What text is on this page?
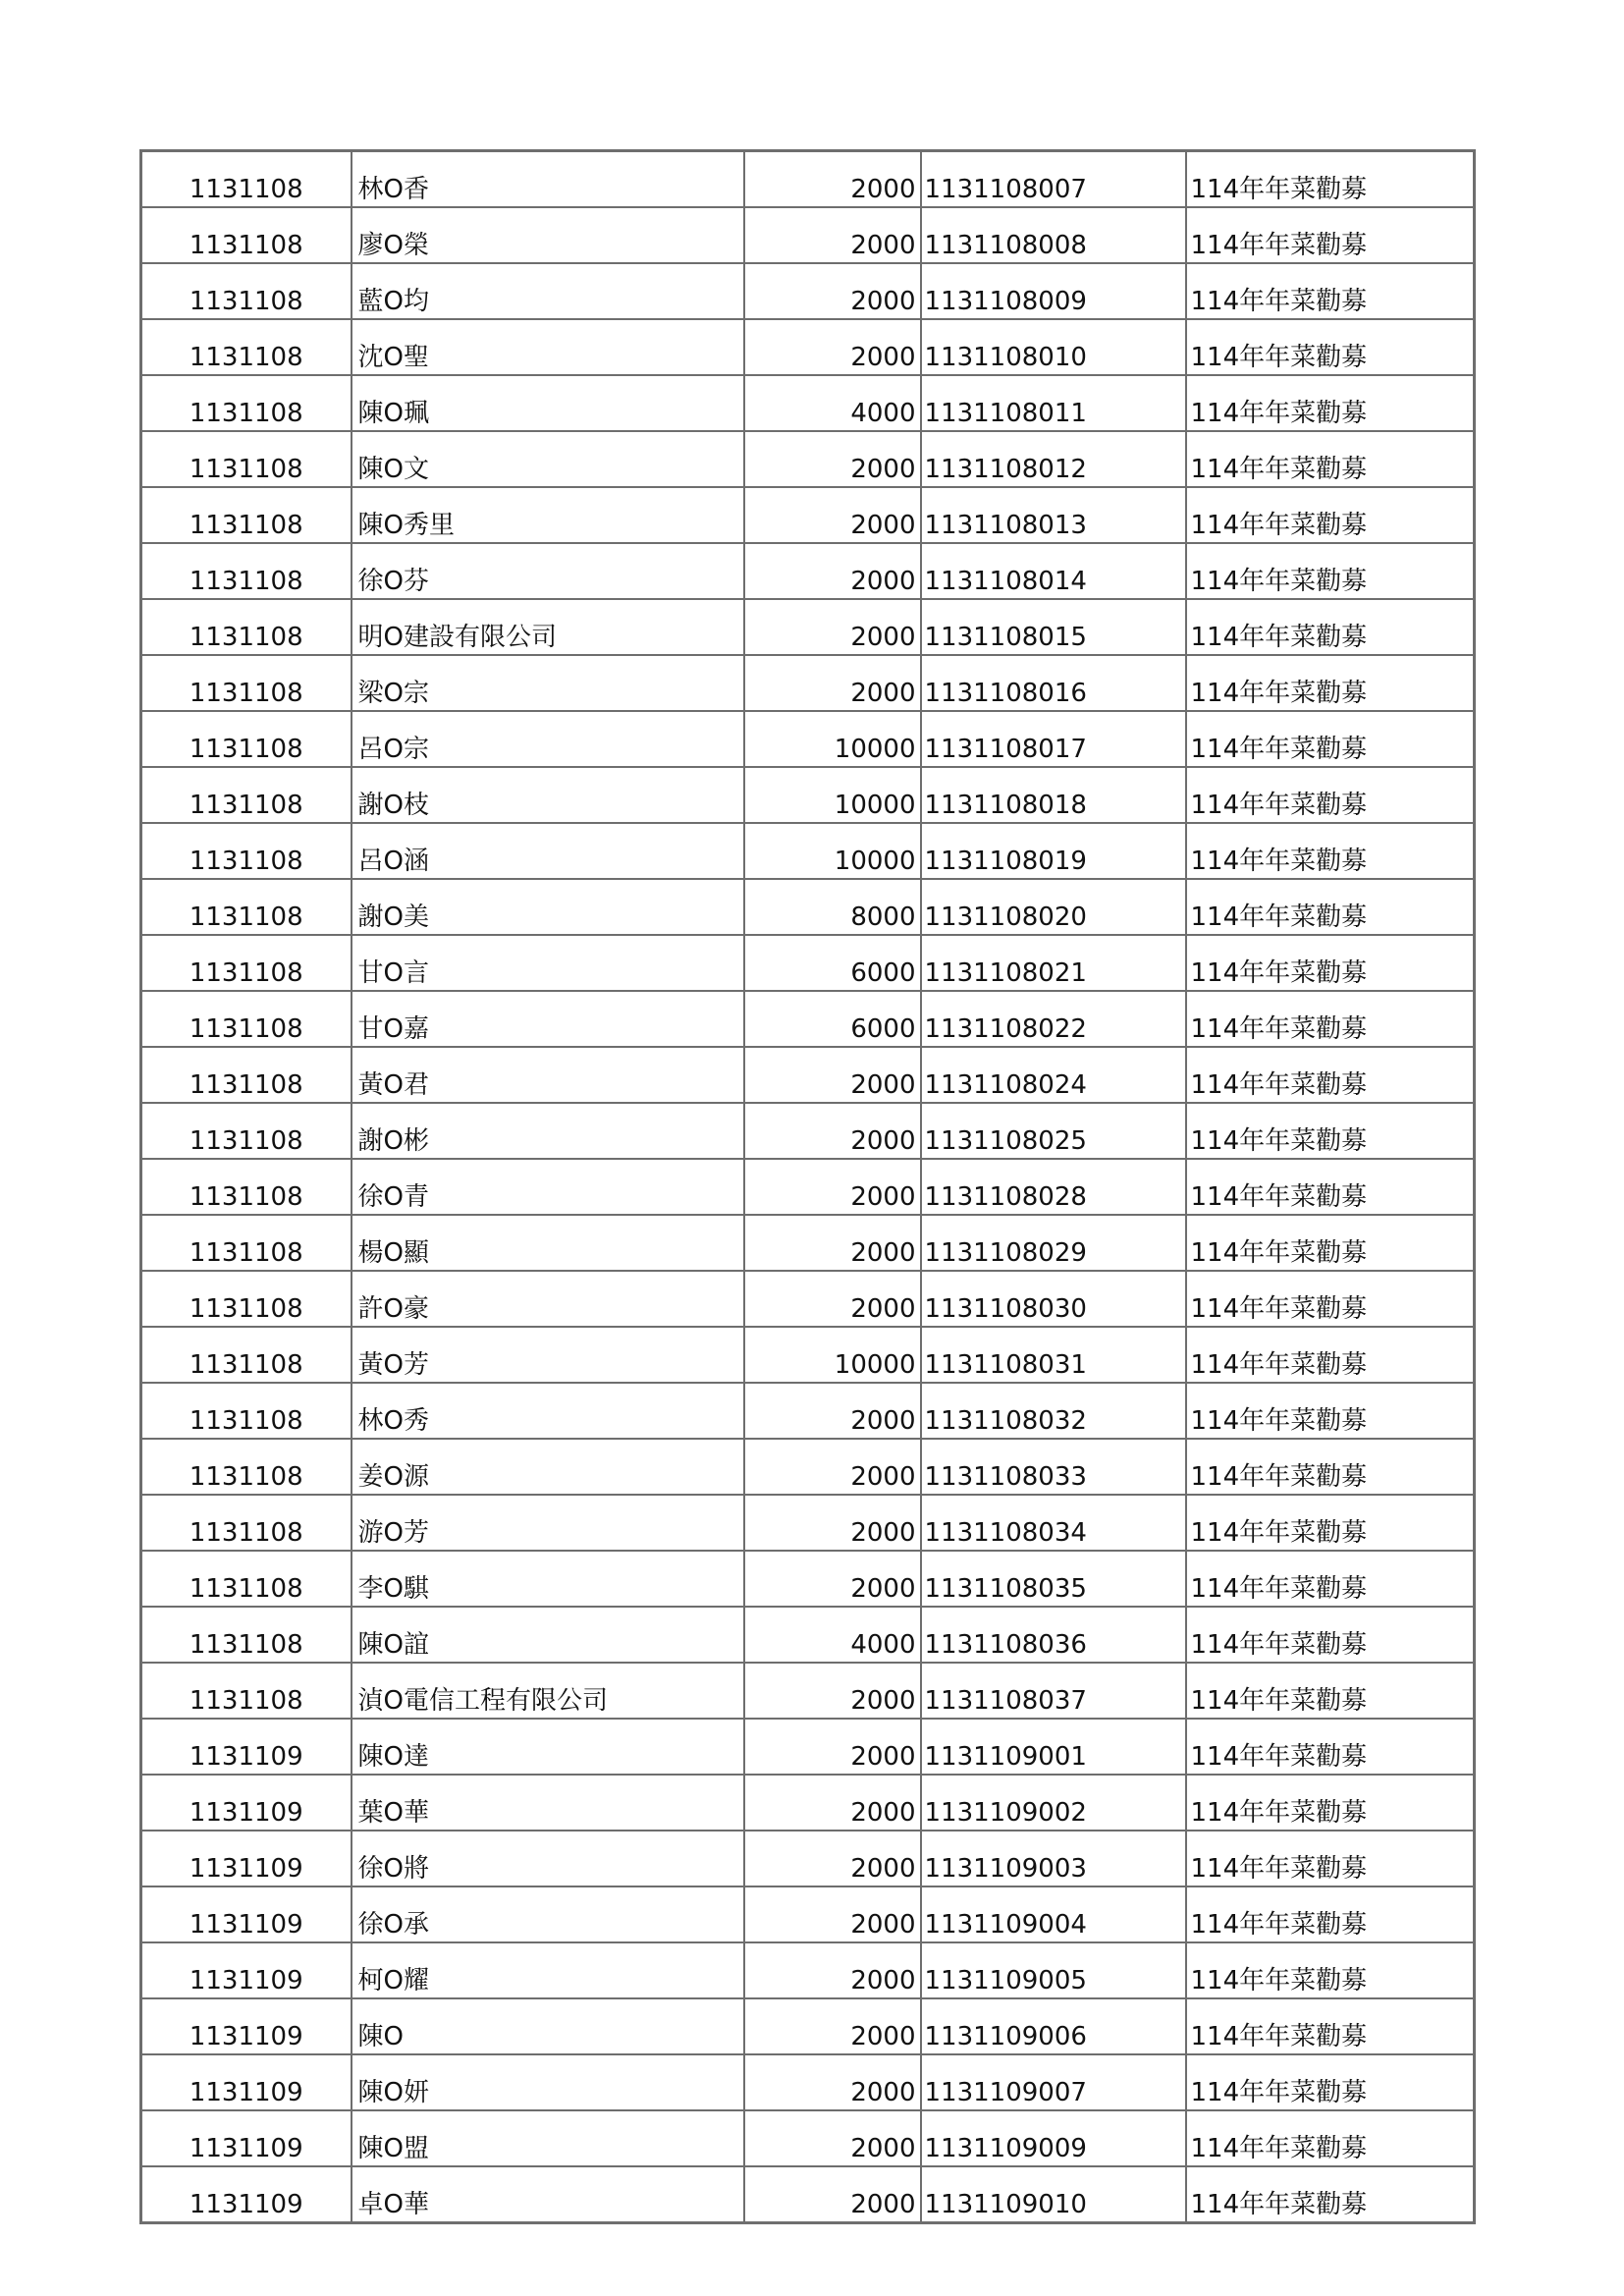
1131108	林O香	2000	1131108007	114年年菜勸募
1131108	廖O榮	2000	1131108008	114年年菜勸募
1131108	藍O均	2000	1131108009	114年年菜勸募
1131108	沈O聖	2000	1131108010	114年年菜勸募
1131108	陳O珮	4000	1131108011	114年年菜勸募
1131108	陳O文	2000	1131108012	114年年菜勸募
1131108	陳O秀里	2000	1131108013	114年年菜勸募
1131108	徐O芬	2000	1131108014	114年年菜勸募
1131108	明O建設有限公司	2000	1131108015	114年年菜勸募
1131108	梁O宗	2000	1131108016	114年年菜勸募
1131108	呂O宗	10000	1131108017	114年年菜勸募
1131108	謝O枝	10000	1131108018	114年年菜勸募
1131108	呂O涵	10000	1131108019	114年年菜勸募
1131108	謝O美	8000	1131108020	114年年菜勸募
1131108	甘O言	6000	1131108021	114年年菜勸募
1131108	甘O嘉	6000	1131108022	114年年菜勸募
1131108	黃O君	2000	1131108024	114年年菜勸募
1131108	謝O彬	2000	1131108025	114年年菜勸募
1131108	徐O青	2000	1131108028	114年年菜勸募
1131108	楊O顯	2000	1131108029	114年年菜勸募
1131108	許O豪	2000	1131108030	114年年菜勸募
1131108	黃O芳	10000	1131108031	114年年菜勸募
1131108	林O秀	2000	1131108032	114年年菜勸募
1131108	姜O源	2000	1131108033	114年年菜勸募
1131108	游O芳	2000	1131108034	114年年菜勸募
1131108	李O騏	2000	1131108035	114年年菜勸募
1131108	陳O誼	4000	1131108036	114年年菜勸募
1131108	湞O電信工程有限公司	2000	1131108037	114年年菜勸募
1131109	陳O達	2000	1131109001	114年年菜勸募
1131109	葉O華	2000	1131109002	114年年菜勸募
1131109	徐O將	2000	1131109003	114年年菜勸募
1131109	徐O承	2000	1131109004	114年年菜勸募
1131109	柯O耀	2000	1131109005	114年年菜勸募
1131109	陳O	2000	1131109006	114年年菜勸募
1131109	陳O妍	2000	1131109007	114年年菜勸募
1131109	陳O盟	2000	1131109009	114年年菜勸募
1131109	卓O華	2000	1131109010	114年年菜勸募
